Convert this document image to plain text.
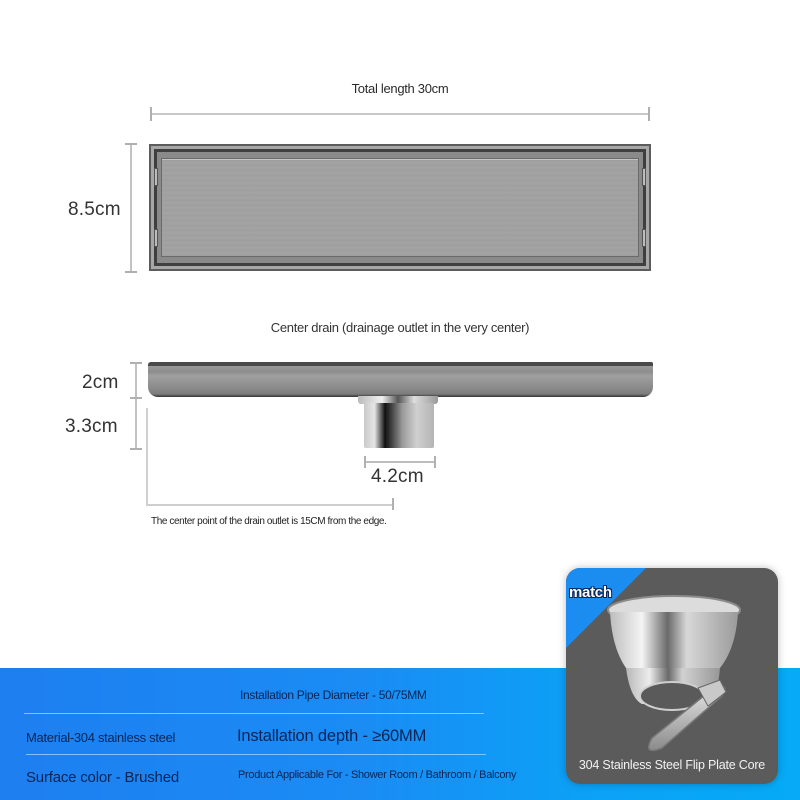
Total length 30cm
8.5cm
Center drain (drainage outlet in the very center)
2cm
3.3cm
4.2cm
The center point of the drain outlet is 15CM from the edge.
Installation Pipe Diameter - 50/75MM
Material-304 stainless steel	Installation depth - ≥60MM
Surface color - Brushed	Product Applicable For - Shower Room / Bathroom / Balcony
match
304 Stainless Steel Flip Plate Core
